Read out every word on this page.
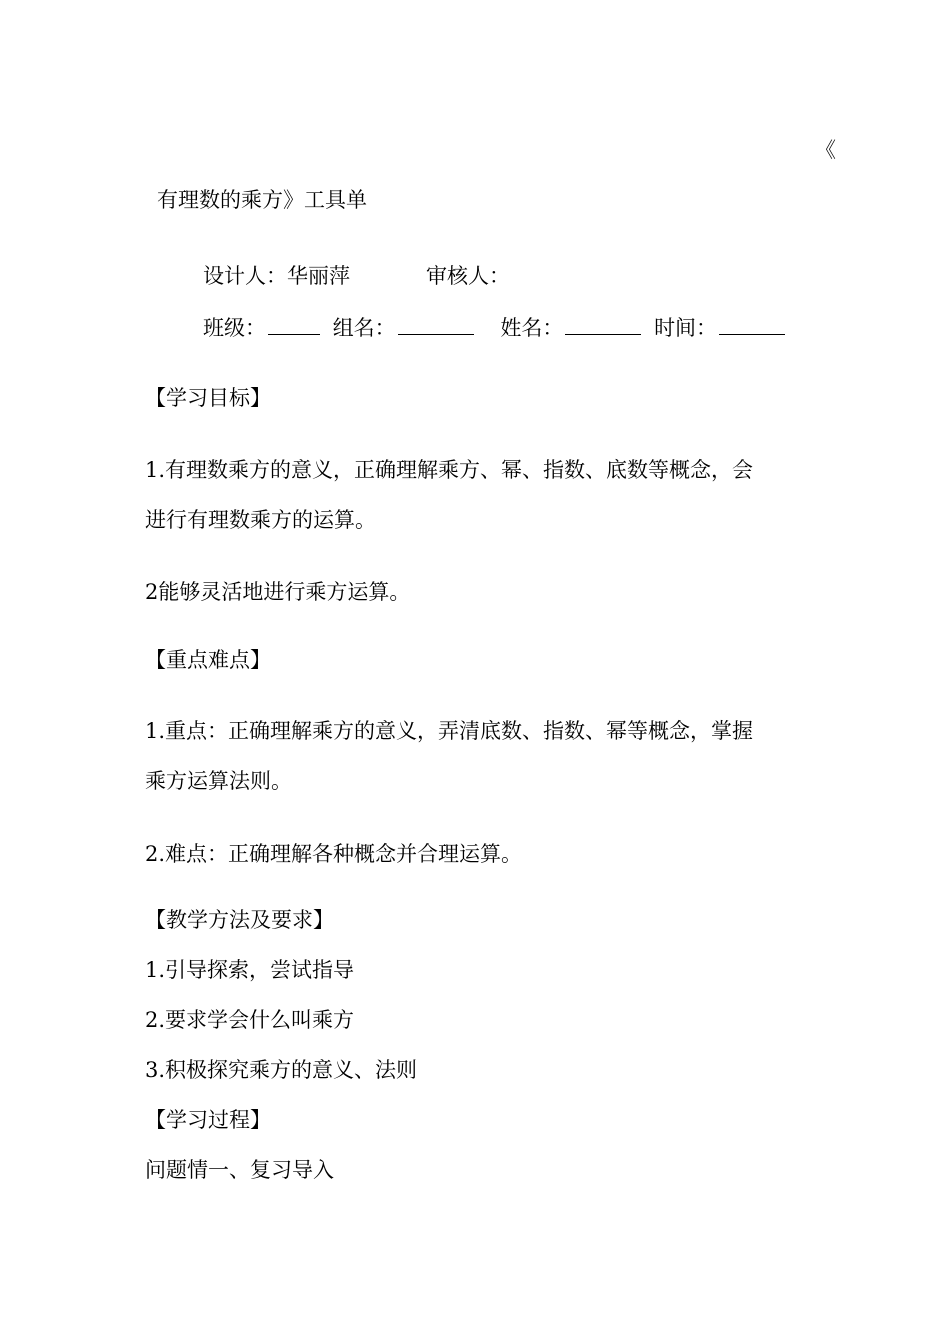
《
有理数的乘方》工具单
设计人：华丽萍	审核人：
班级：	组名：	姓名：	时间：
【学习目标】
1.有理数乘方的意义，正确理解乘方、幂、指数、底数等概念，会
进行有理数乘方的运算。
2能够灵活地进行乘方运算。
【重点难点】
1.重点：正确理解乘方的意义，弄清底数、指数、幂等概念，掌握
乘方运算法则。
2.难点：正确理解各种概念并合理运算。
【教学方法及要求】
1.引导探索，尝试指导
2.要求学会什么叫乘方
3.积极探究乘方的意义、法则
【学习过程】
问题情一、复习导入
